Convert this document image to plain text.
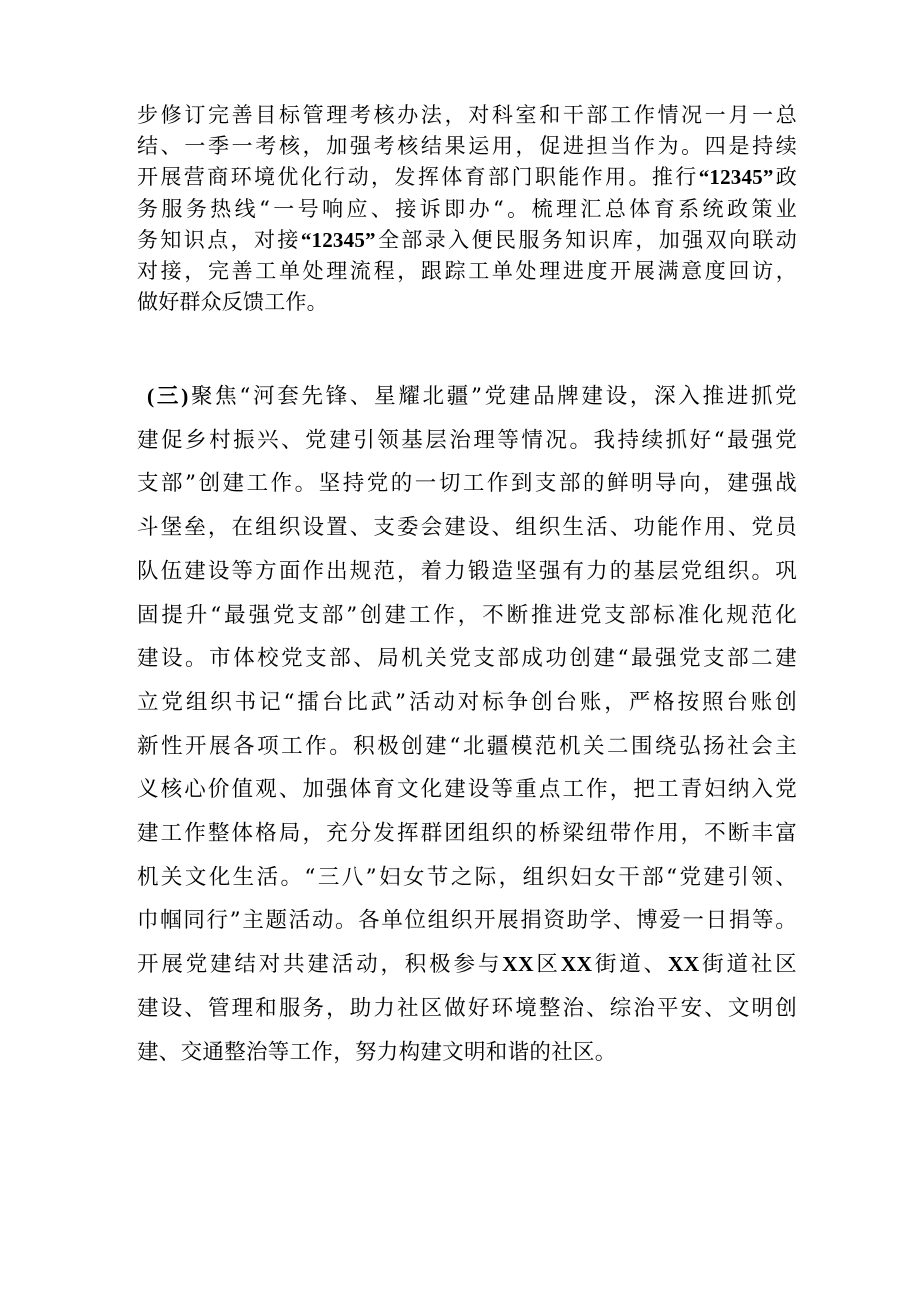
步修订完善目标管理考核办法，对科室和干部工作情况一月一总
结、一季一考核，加强考核结果运用，促进担当作为。四是持续
开展营商环境优化行动，发挥体育部门职能作用。推行“12345”政
务服务热线“一号响应、接诉即办“。梳理汇总体育系统政策业
务知识点，对接“12345”全部录入便民服务知识库，加强双向联动
对接，完善工单处理流程，跟踪工单处理进度开展满意度回访，
做好群众反馈工作。
(三)聚焦“河套先锋、星耀北疆”党建品牌建设，深入推进抓党
建促乡村振兴、党建引领基层治理等情况。我持续抓好“最强党
支部”创建工作。坚持党的一切工作到支部的鲜明导向，建强战
斗堡垒，在组织设置、支委会建设、组织生活、功能作用、党员
队伍建设等方面作出规范，着力锻造坚强有力的基层党组织。巩
固提升“最强党支部”创建工作，不断推进党支部标准化规范化
建设。市体校党支部、局机关党支部成功创建“最强党支部二建
立党组织书记“擂台比武”活动对标争创台账，严格按照台账创
新性开展各项工作。积极创建“北疆模范机关二围绕弘扬社会主
义核心价值观、加强体育文化建设等重点工作，把工青妇纳入党
建工作整体格局，充分发挥群团组织的桥梁纽带作用，不断丰富
机关文化生活。“三八”妇女节之际，组织妇女干部“党建引领、
巾帼同行”主题活动。各单位组织开展捐资助学、博爱一日捐等。
开展党建结对共建活动，积极参与XX区XX街道、XX街道社区
建设、管理和服务，助力社区做好环境整治、综治平安、文明创
建、交通整治等工作，努力构建文明和谐的社区。
